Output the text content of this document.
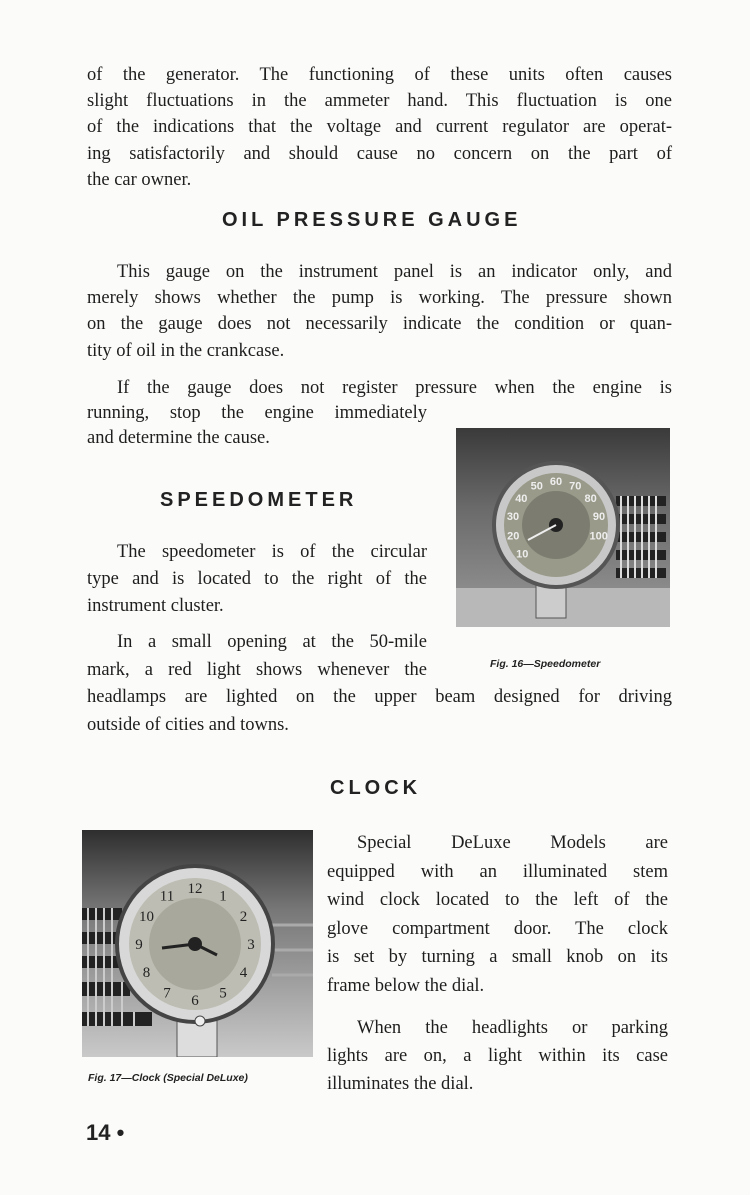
of the generator. The functioning of these units often causes
slight fluctuations in the ammeter hand. This fluctuation is one
of the indications that the voltage and current regulator are operat-
ing satisfactorily and should cause no concern on the part of
the car owner.
This gauge on the instrument panel is an indicator only, and
merely shows whether the pump is working. The pressure shown
on the gauge does not necessarily indicate the condition or quan-
tity of oil in the crankcase.
If the gauge does not register pressure when the engine is
running, stop the engine immediately
and determine the cause.
The speedometer is of the circular
type and is located to the right of the
instrument cluster.
In a small opening at the 50-mile
mark, a red light shows whenever the
headlamps are lighted on the upper beam designed for driving
outside of cities and towns.
Special DeLuxe Models are
equipped with an illuminated stem
wind clock located to the left of the
glove compartment door. The clock
is set by turning a small knob on its
frame below the dial.
When the headlights or parking
lights are on, a light within its case
illuminates the dial.
OIL PRESSURE GAUGE
SPEEDOMETER
CLOCK
10
20
30
40
50 60 70
80
90
100
Fig. 16—Speedometer
12 1
2
3
4
5
6
7
8
9
10
11
Fig. 17—Clock (Special DeLuxe)
14 •
